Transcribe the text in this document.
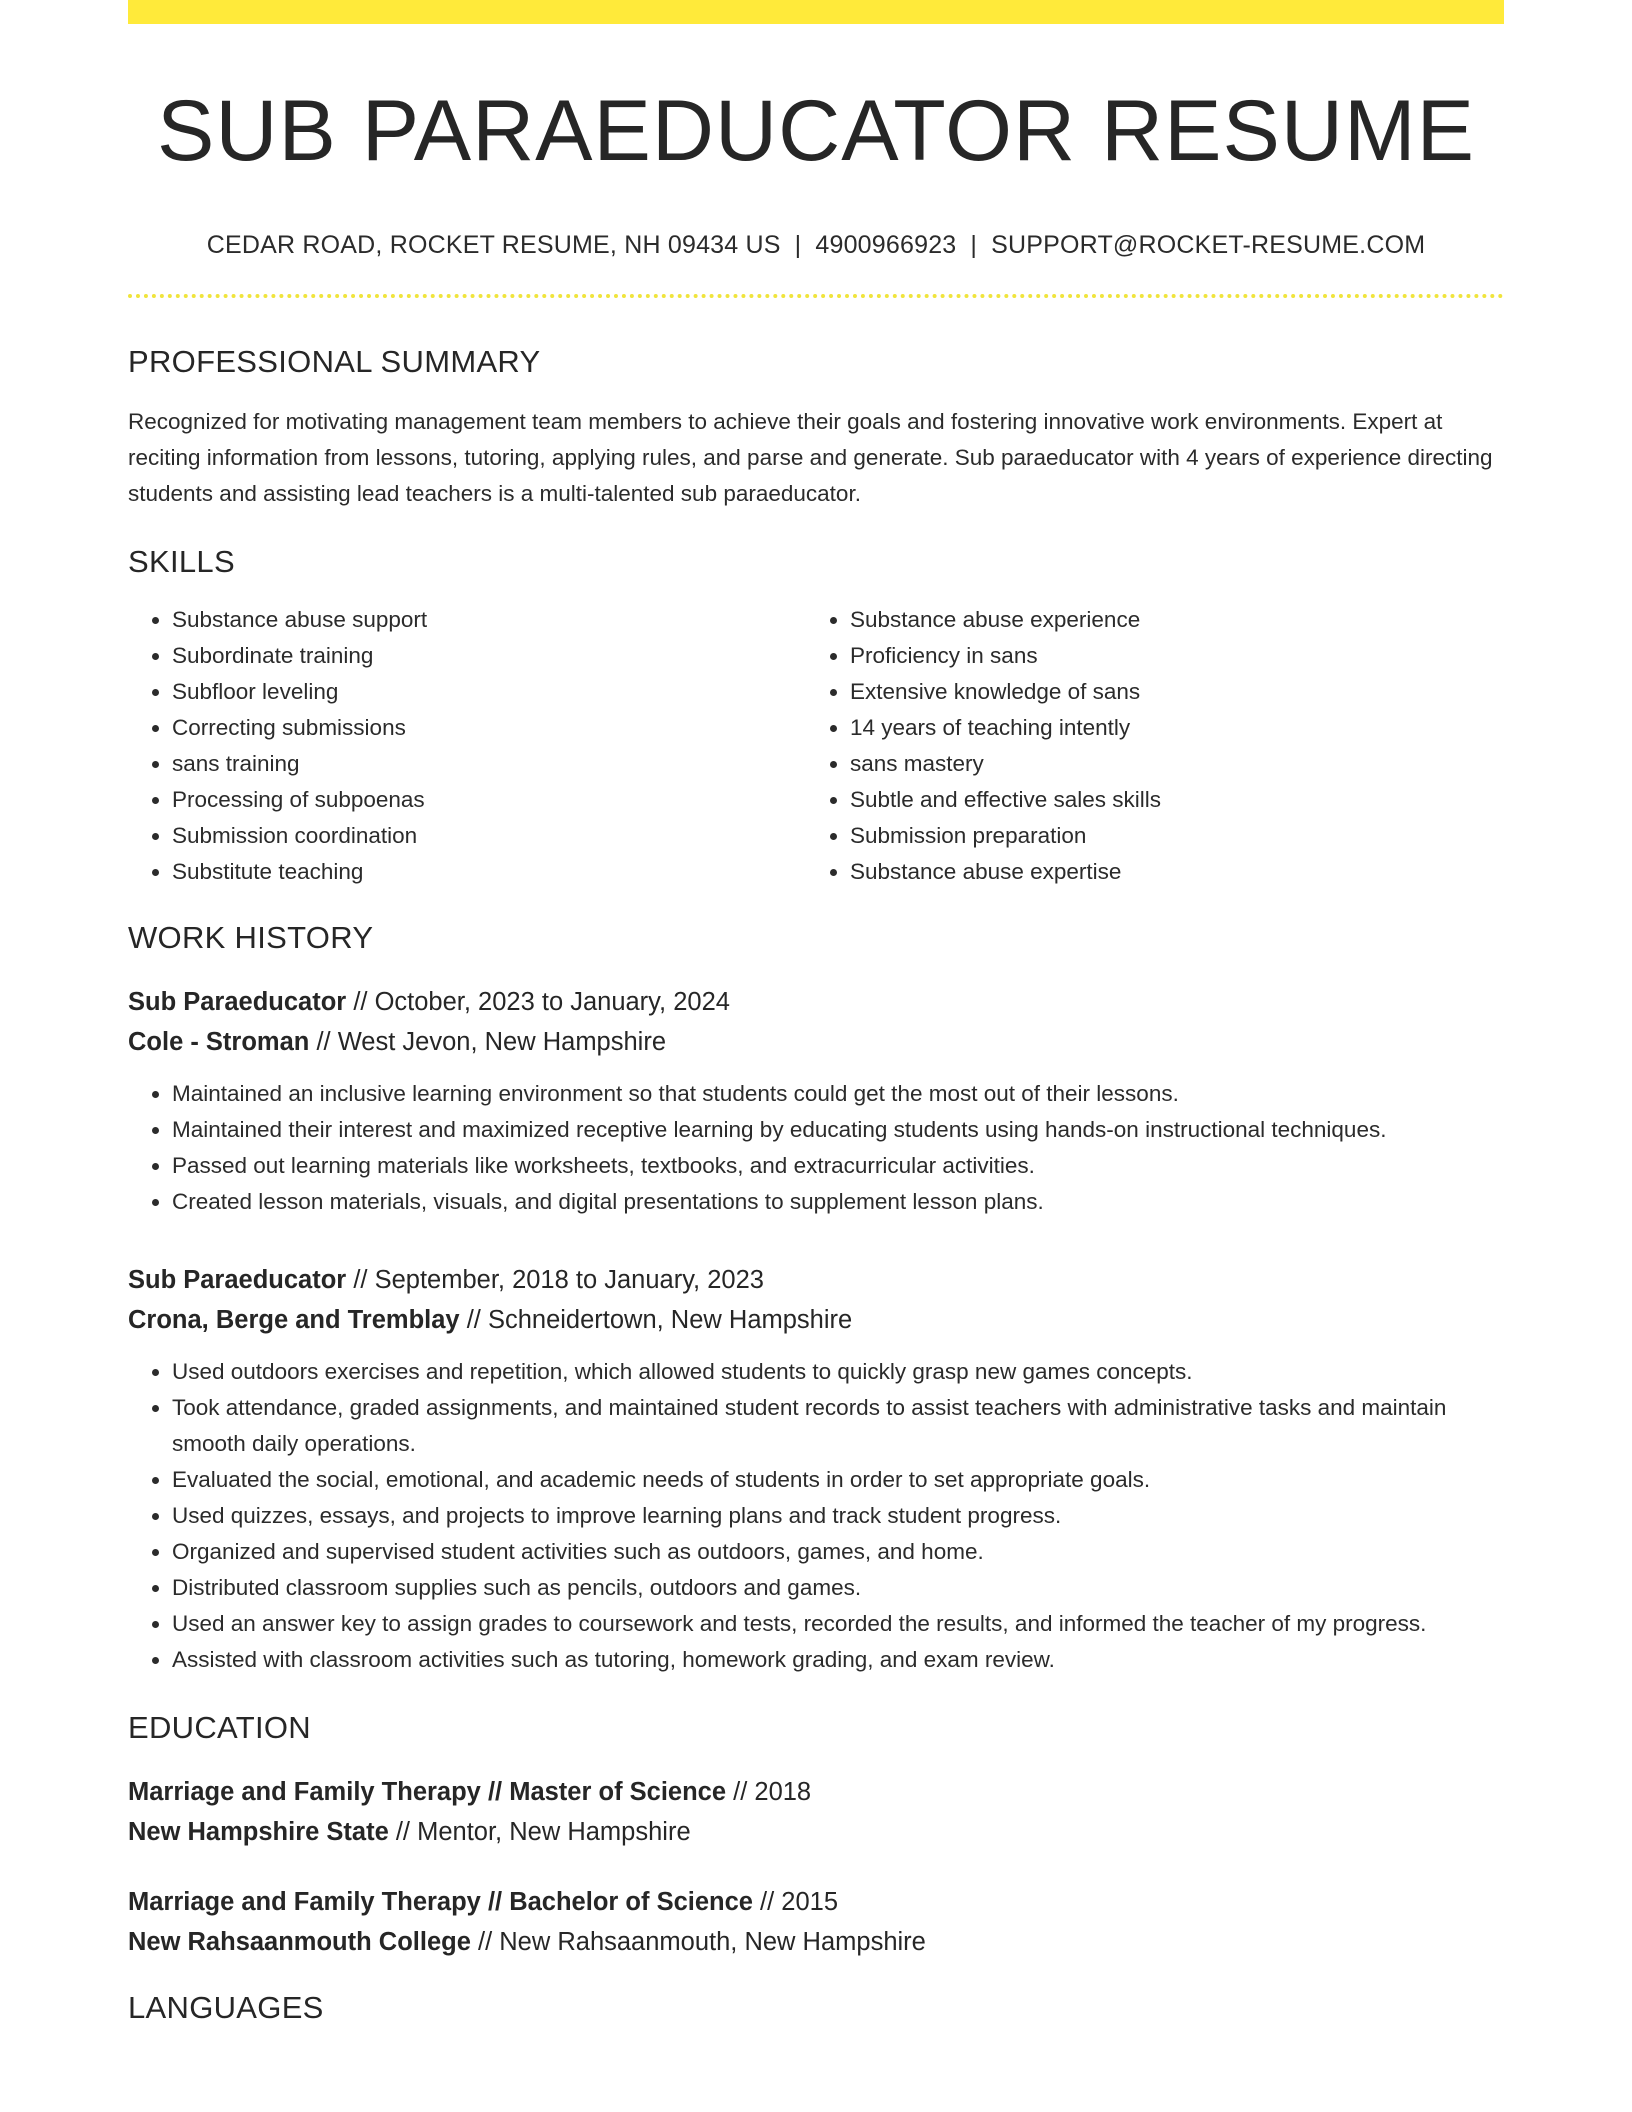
SUB PARAEDUCATOR RESUME
CEDAR ROAD, ROCKET RESUME, NH 09434 US | 4900966923 | SUPPORT@ROCKET-RESUME.COM
PROFESSIONAL SUMMARY
Recognized for motivating management team members to achieve their goals and fostering innovative work environments. Expert at reciting information from lessons, tutoring, applying rules, and parse and generate. Sub paraeducator with 4 years of experience directing students and assisting lead teachers is a multi-talented sub paraeducator.
SKILLS
• Substance abuse support
• Subordinate training
• Subfloor leveling
• Correcting submissions
• sans training
• Processing of subpoenas
• Submission coordination
• Substitute teaching
• Substance abuse experience
• Proficiency in sans
• Extensive knowledge of sans
• 14 years of teaching intently
• sans mastery
• Subtle and effective sales skills
• Submission preparation
• Substance abuse expertise
WORK HISTORY
Sub Paraeducator // October, 2023 to January, 2024
Cole - Stroman // West Jevon, New Hampshire
• Maintained an inclusive learning environment so that students could get the most out of their lessons.
• Maintained their interest and maximized receptive learning by educating students using hands-on instructional techniques.
• Passed out learning materials like worksheets, textbooks, and extracurricular activities.
• Created lesson materials, visuals, and digital presentations to supplement lesson plans.
Sub Paraeducator // September, 2018 to January, 2023
Crona, Berge and Tremblay // Schneidertown, New Hampshire
• Used outdoors exercises and repetition, which allowed students to quickly grasp new games concepts.
• Took attendance, graded assignments, and maintained student records to assist teachers with administrative tasks and maintain smooth daily operations.
• Evaluated the social, emotional, and academic needs of students in order to set appropriate goals.
• Used quizzes, essays, and projects to improve learning plans and track student progress.
• Organized and supervised student activities such as outdoors, games, and home.
• Distributed classroom supplies such as pencils, outdoors and games.
• Used an answer key to assign grades to coursework and tests, recorded the results, and informed the teacher of my progress.
• Assisted with classroom activities such as tutoring, homework grading, and exam review.
EDUCATION
Marriage and Family Therapy // Master of Science // 2018
New Hampshire State // Mentor, New Hampshire
Marriage and Family Therapy // Bachelor of Science // 2015
New Rahsaanmouth College // New Rahsaanmouth, New Hampshire
LANGUAGES
